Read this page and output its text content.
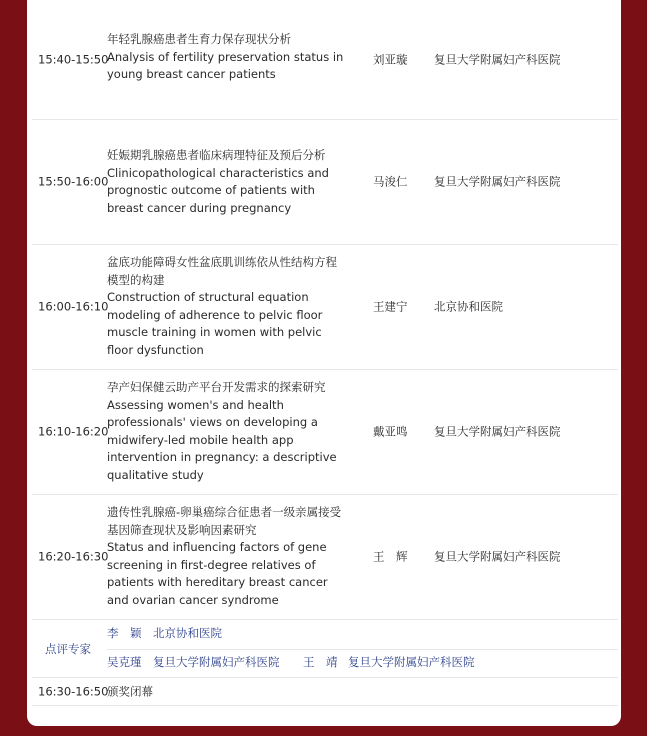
15:40-15:50
年轻乳腺癌患者生育力保存现状分析
Analysis of fertility preservation status in young breast cancer patients
刘亚璇 复旦大学附属妇产科医院
15:50-16:00
妊娠期乳腺癌患者临床病理特征及预后分析
Clinicopathological characteristics and prognostic outcome of patients with breast cancer during pregnancy
马浚仁 复旦大学附属妇产科医院
16:00-16:10
盆底功能障碍女性盆底肌训练依从性结构方程模型的构建
Construction of structural equation modeling of adherence to pelvic floor muscle training in women with pelvic floor dysfunction
王建宁 北京协和医院
16:10-16:20
孕产妇保健云助产平台开发需求的探索研究
Assessing women's and health professionals' views on developing a midwifery-led mobile health app intervention in pregnancy: a descriptive qualitative study
戴亚鸣 复旦大学附属妇产科医院
16:20-16:30
遗传性乳腺癌-卵巢癌综合征患者一级亲属接受基因筛查现状及影响因素研究
Status and influencing factors of gene screening in first-degree relatives of patients with hereditary breast cancer and ovarian cancer syndrome
王　辉 复旦大学附属妇产科医院
点评专家
李　颖 北京协和医院
吴克瑾 复旦大学附属妇产科医院 王　靖 复旦大学附属妇产科医院
16:30-16:50
颁奖闭幕
